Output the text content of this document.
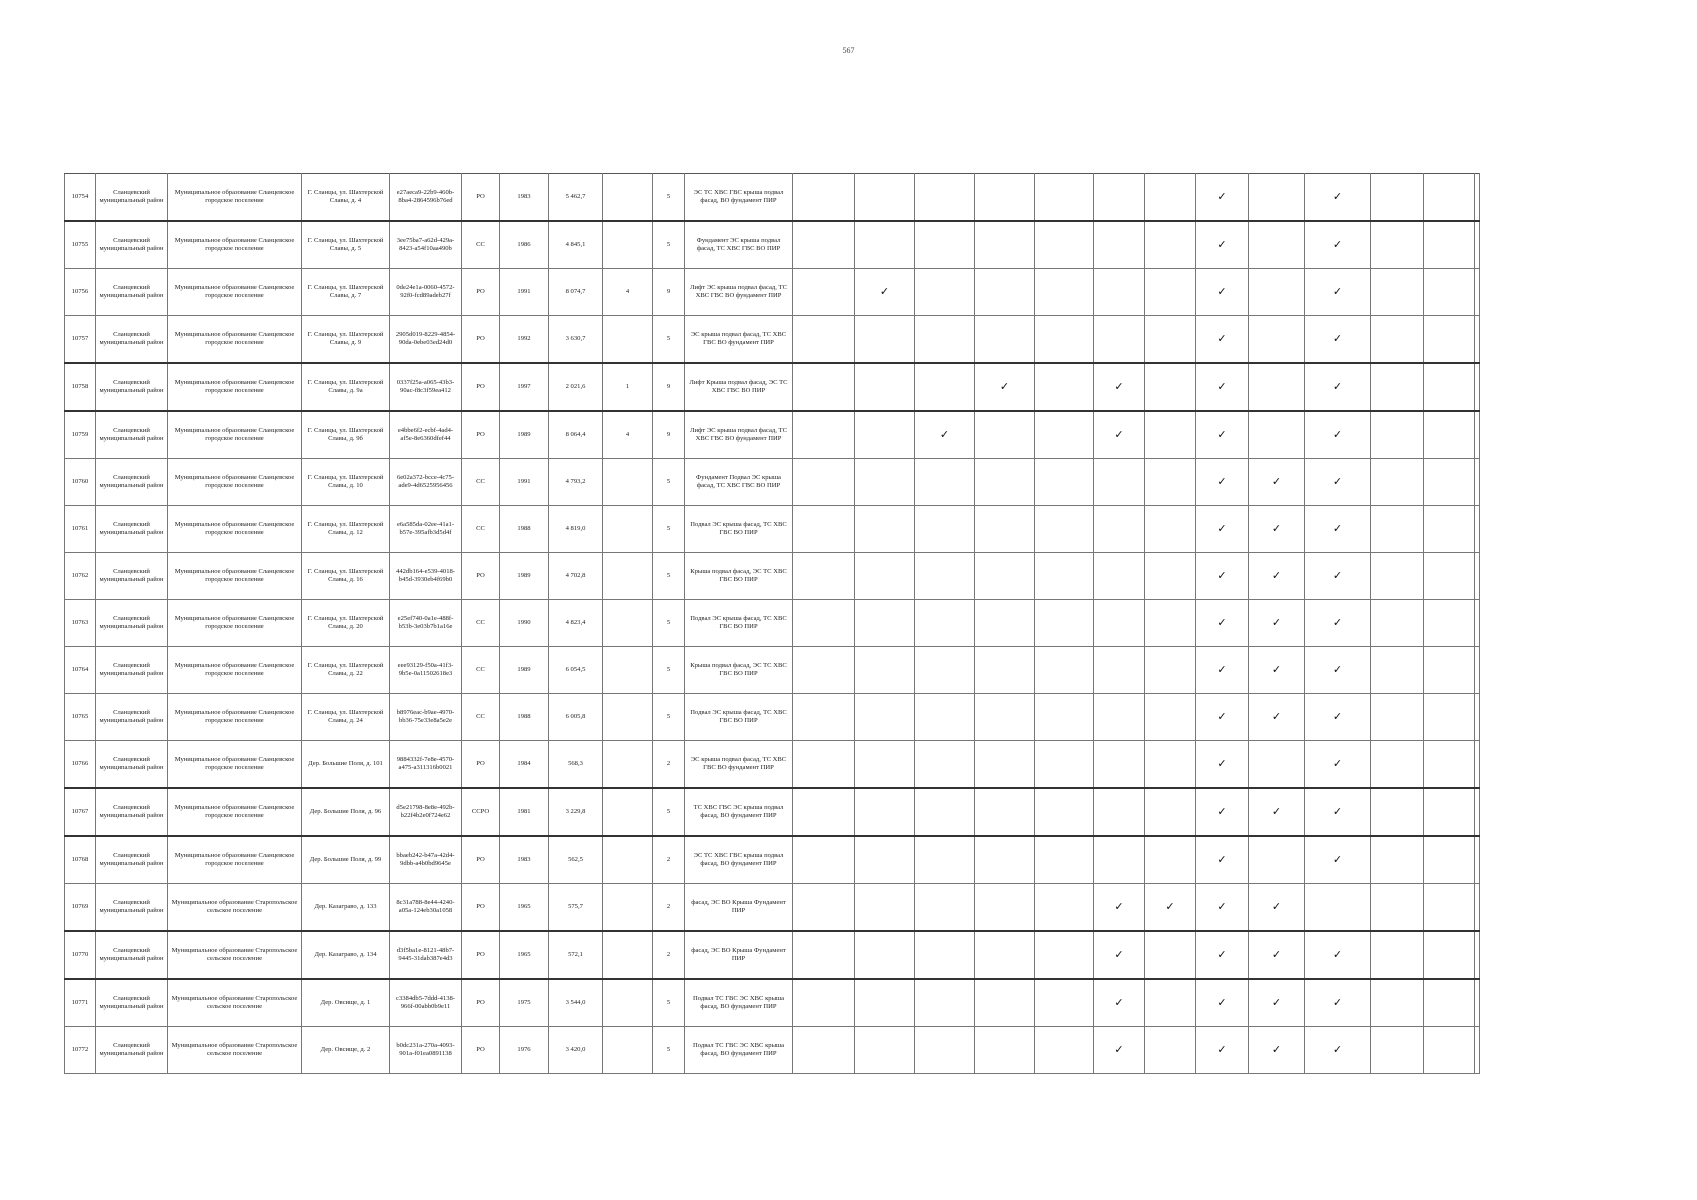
567
10754	Сланцевский муниципальный район	Муниципальное образование Сланцевское городское поселение	Г. Сланцы, ул. Шахтерской Славы, д. 4	e27aeca9-22b9-460b-8ba4-2864596b76ed	РО	1983	5 462,7		5	ЭС ТС ХВС ГВС крыша подвал фасад, ВО фундамент ПИР								✓		✓			
10755	Сланцевский муниципальный район	Муниципальное образование Сланцевское городское поселение	Г. Сланцы, ул. Шахтерской Славы, д. 5	3ee75ba7-a62d-429a-8423-a54f10aa490b	СС	1986	4 845,1		5	Фундамент ЭС крыша подвал фасад, ТС ХВС ГВС ВО ПИР								✓		✓			
10756	Сланцевский муниципальный район	Муниципальное образование Сланцевское городское поселение	Г. Сланцы, ул. Шахтерской Славы, д. 7	0de24e1a-0060-4572-92f0-fcd89adeb27f	РО	1991	8 074,7	4	9	Лифт ЭС крыша подвал фасад, ТС ХВС ГВС ВО фундамент ПИР		✓						✓		✓			
10757	Сланцевский муниципальный район	Муниципальное образование Сланцевское городское поселение	Г. Сланцы, ул. Шахтерской Славы, д. 9	2905d019-8229-4854-90da-0ebe03ed24d0	РО	1992	3 630,7		5	ЭС крыша подвал фасад, ТС ХВС ГВС ВО фундамент ПИР								✓		✓			
10758	Сланцевский муниципальный район	Муниципальное образование Сланцевское городское поселение	Г. Сланцы, ул. Шахтерской Славы, д. 9а	0337f25a-a065-43b3-90ac-f8c3f59ea412	РО	1997	2 021,6	1	9	Лифт Крыша подвал фасад, ЭС ТС ХВС ГВС ВО ПИР				✓		✓		✓		✓			
10759	Сланцевский муниципальный район	Муниципальное образование Сланцевское городское поселение	Г. Сланцы, ул. Шахтерской Славы, д. 9б	e4bbe6f2-ecbf-4ad4-af5e-8e6360dfef44	РО	1989	8 064,4	4	9	Лифт ЭС крыша подвал фасад, ТС ХВС ГВС ВО фундамент ПИР			✓			✓		✓		✓			
10760	Сланцевский муниципальный район	Муниципальное образование Сланцевское городское поселение	Г. Сланцы, ул. Шахтерской Славы, д. 10	6e02a372-bcce-4c75-ade9-4d6525956456	СС	1991	4 793,2		5	Фундамент Подвал ЭС крыша фасад, ТС ХВС ГВС ВО ПИР								✓	✓	✓			
10761	Сланцевский муниципальный район	Муниципальное образование Сланцевское городское поселение	Г. Сланцы, ул. Шахтерской Славы, д. 12	e6a585da-02ee-41a1-b57e-395afb3d5d4f	СС	1988	4 819,0		5	Подвал ЭС крыша фасад, ТС ХВС ГВС ВО ПИР								✓	✓	✓			
10762	Сланцевский муниципальный район	Муниципальное образование Сланцевское городское поселение	Г. Сланцы, ул. Шахтерской Славы, д. 16	442db164-e539-4018-b45d-3930eb4f69b0	РО	1989	4 702,8		5	Крыша подвал фасад, ЭС ТС ХВС ГВС ВО ПИР								✓	✓	✓			
10763	Сланцевский муниципальный район	Муниципальное образование Сланцевское городское поселение	Г. Сланцы, ул. Шахтерской Славы, д. 20	e25ef740-0a1e-488f-b53b-3e03b7b1a16e	СС	1990	4 823,4		5	Подвал ЭС крыша фасад, ТС ХВС ГВС ВО ПИР								✓	✓	✓			
10764	Сланцевский муниципальный район	Муниципальное образование Сланцевское городское поселение	Г. Сланцы, ул. Шахтерской Славы, д. 22	eee93129-f50a-41f3-9b5e-0a11502618e3	СС	1989	6 054,5		5	Крыша подвал фасад, ЭС ТС ХВС ГВС ВО ПИР								✓	✓	✓			
10765	Сланцевский муниципальный район	Муниципальное образование Сланцевское городское поселение	Г. Сланцы, ул. Шахтерской Славы, д. 24	b8976eac-b9ae-4970-bb36-75e33e8a5e2e	СС	1988	6 005,8		5	Подвал ЭС крыша фасад, ТС ХВС ГВС ВО ПИР								✓	✓	✓			
10766	Сланцевский муниципальный район	Муниципальное образование Сланцевское городское поселение	Дер. Большие Поля, д. 101	9884332f-7e8e-4570-a475-a311316b0021	РО	1984	568,3		2	ЭС крыша подвал фасад, ТС ХВС ГВС ВО фундамент ПИР								✓		✓			
10767	Сланцевский муниципальный район	Муниципальное образование Сланцевское городское поселение	Дер. Большие Поля, д. 96	d5e21798-8e8e-492b-b22f4b2e0f724e62	ССРО	1981	3 229,8		5	ТС ХВС ГВС ЭС крыша подвал фасад, ВО фундамент ПИР								✓	✓	✓			
10768	Сланцевский муниципальный район	Муниципальное образование Сланцевское городское поселение	Дер. Большие Поля, д. 99	bbaeb242-b47a-42d4-9dbb-a4b0bd9645e	РО	1983	562,5		2	ЭС ТС ХВС ГВС крыша подвал фасад, ВО фундамент ПИР								✓		✓			
10769	Сланцевский муниципальный район	Муниципальное образование Старопольское сельское поселение	Дер. Казаграво, д. 133	8c31a788-8e44-4240-a05a-124eb30a1058	РО	1965	575,7		2	фасад, ЭС ВО Крыша Фундамент ПИР						✓	✓	✓	✓				
10770	Сланцевский муниципальный район	Муниципальное образование Старопольское сельское поселение	Дер. Казаграво, д. 134	d3f5ba1e-8121-48b7-9445-31dab387e4d3	РО	1965	572,1		2	фасад, ЭС ВО Крыша Фундамент ПИР						✓		✓	✓	✓			
10771	Сланцевский муниципальный район	Муниципальное образование Старопольское сельское поселение	Дер. Овсище, д. 1	c3384db5-7ddd-4138-966f-00abb0b9e11	РО	1975	3 544,0		5	Подвал ТС ГВС ЭС ХВС крыша фасад, ВО фундамент ПИР						✓		✓	✓	✓			
10772	Сланцевский муниципальный район	Муниципальное образование Старопольское сельское поселение	Дер. Овсище, д. 2	b0dc231a-270a-4093-901a-f01ea0891138	РО	1976	3 420,0		5	Подвал ТС ГВС ЭС ХВС крыша фасад, ВО фундамент ПИР						✓		✓	✓	✓			
